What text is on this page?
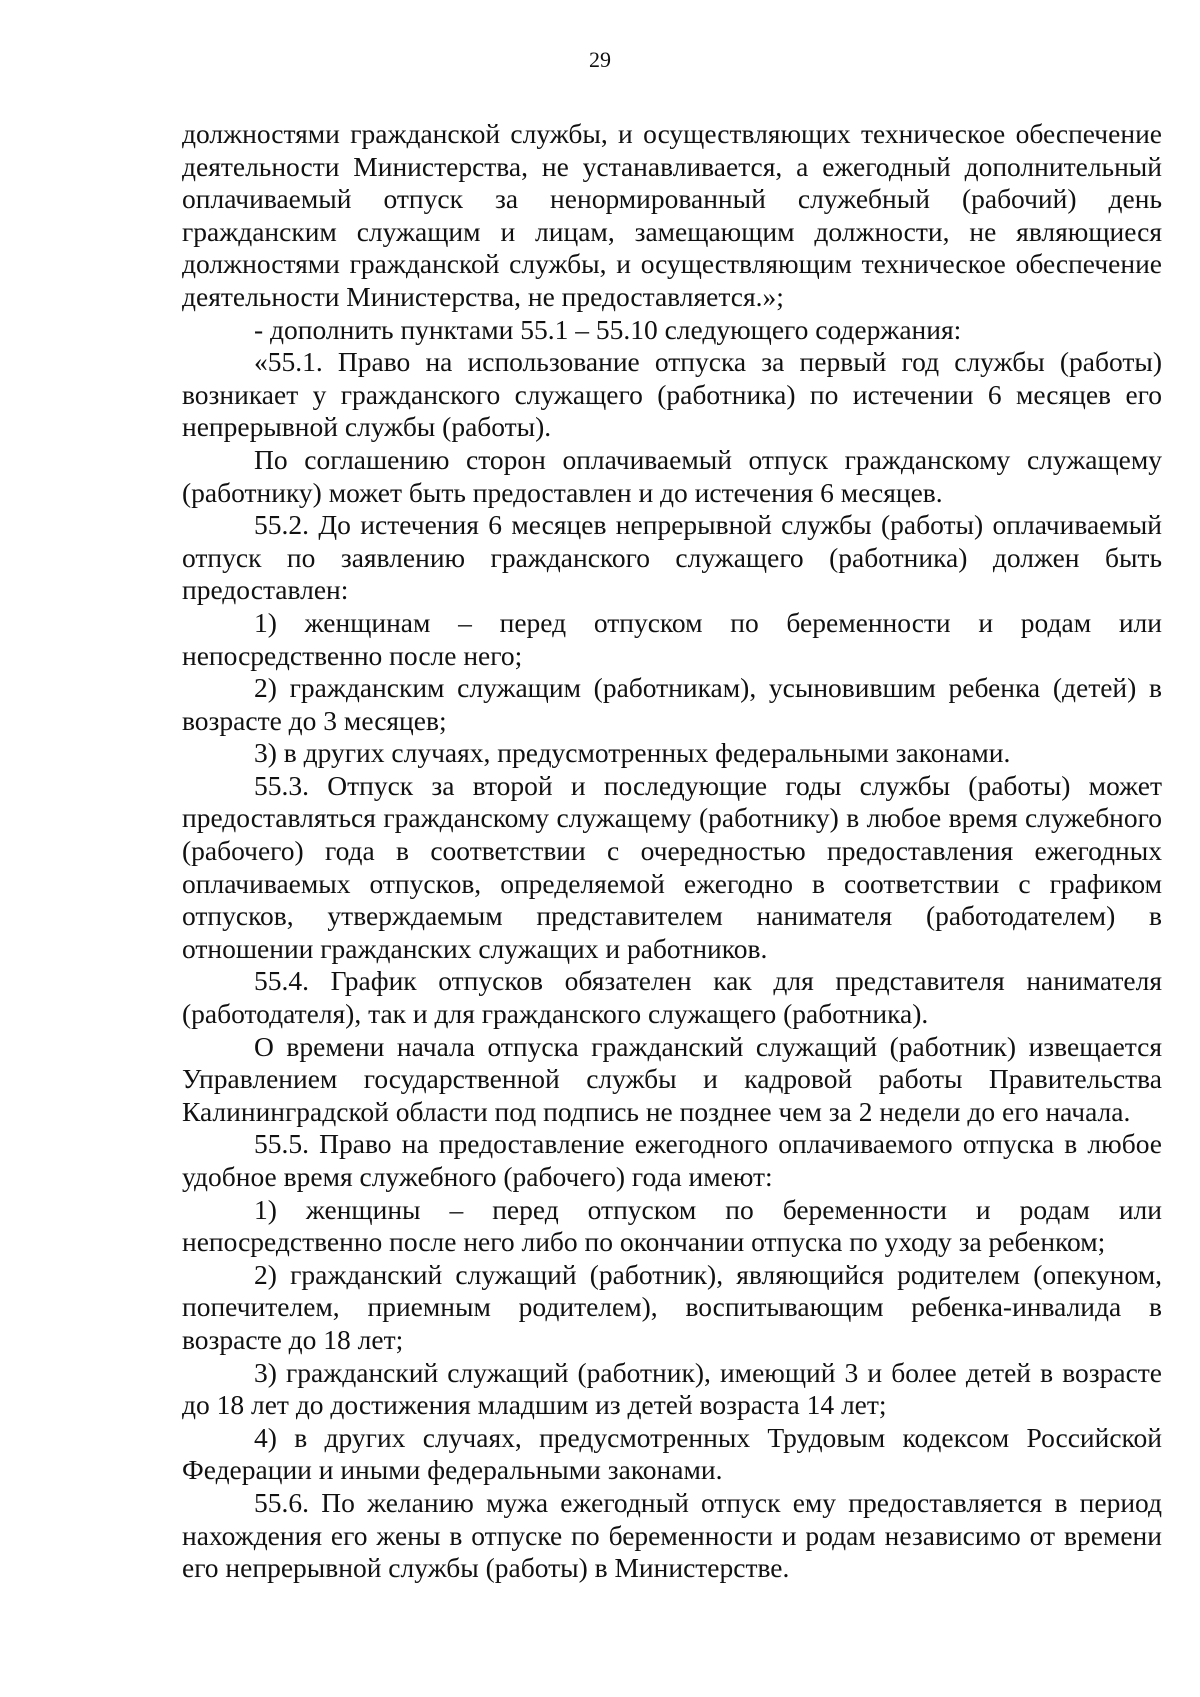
29

должностями гражданской службы, и осуществляющих техническое обеспечение деятельности Министерства, не устанавливается, а ежегодный дополнительный оплачиваемый отпуск за ненормированный служебный (рабочий) день гражданским служащим и лицам, замещающим должности, не являющиеся должностями гражданской службы, и осуществляющим техническое обеспечение деятельности Министерства, не предоставляется.»;

- дополнить пунктами 55.1 – 55.10 следующего содержания:

«55.1. Право на использование отпуска за первый год службы (работы) возникает у гражданского служащего (работника) по истечении 6 месяцев его непрерывной службы (работы).

По соглашению сторон оплачиваемый отпуск гражданскому служащему (работнику) может быть предоставлен и до истечения 6 месяцев.

55.2. До истечения 6 месяцев непрерывной службы (работы) оплачиваемый отпуск по заявлению гражданского служащего (работника) должен быть предоставлен:

1) женщинам – перед отпуском по беременности и родам или непосредственно после него;

2) гражданским служащим (работникам), усыновившим ребенка (детей) в возрасте до 3 месяцев;

3) в других случаях, предусмотренных федеральными законами.

55.3. Отпуск за второй и последующие годы службы (работы) может предоставляться гражданскому служащему (работнику) в любое время служебного (рабочего) года в соответствии с очередностью предоставления ежегодных оплачиваемых отпусков, определяемой ежегодно в соответствии с графиком отпусков, утверждаемым представителем нанимателя (работодателем) в отношении гражданских служащих и работников.

55.4. График отпусков обязателен как для представителя нанимателя (работодателя), так и для гражданского служащего (работника).

О времени начала отпуска гражданский служащий (работник) извещается Управлением государственной службы и кадровой работы Правительства Калининградской области под подпись не позднее чем за 2 недели до его начала.

55.5. Право на предоставление ежегодного оплачиваемого отпуска в любое удобное время служебного (рабочего) года имеют:

1) женщины – перед отпуском по беременности и родам или непосредственно после него либо по окончании отпуска по уходу за ребенком;

2) гражданский служащий (работник), являющийся родителем (опекуном, попечителем, приемным родителем), воспитывающим ребенка-инвалида в возрасте до 18 лет;

3) гражданский служащий (работник), имеющий 3 и более детей в возрасте до 18 лет до достижения младшим из детей возраста 14 лет;

4) в других случаях, предусмотренных Трудовым кодексом Российской Федерации и иными федеральными законами.

55.6. По желанию мужа ежегодный отпуск ему предоставляется в период нахождения его жены в отпуске по беременности и родам независимо от времени его непрерывной службы (работы) в Министерстве.
